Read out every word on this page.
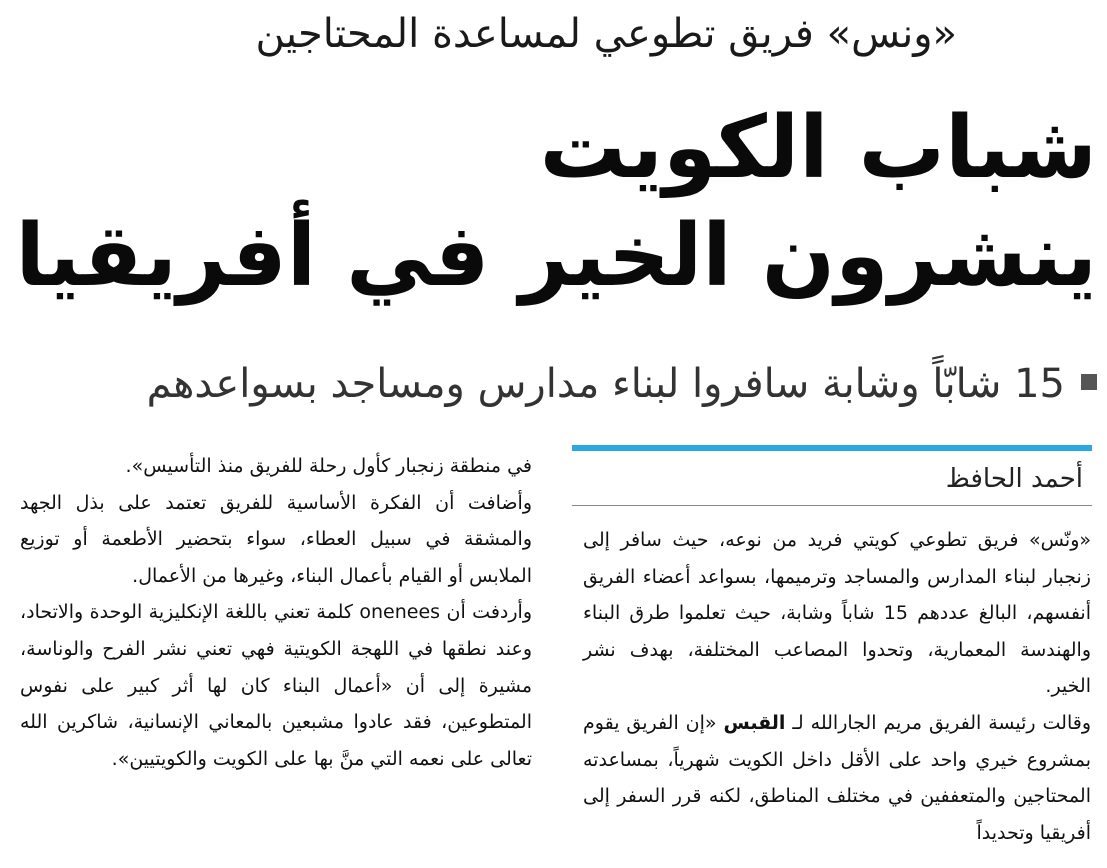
«ونس» فريق تطوعي لمساعدة المحتاجين
شباب الكويت
ينشرون الخير في أفريقيا
15 شابّاً وشابة سافروا لبناء مدارس ومساجد بسواعدهم
أحمد الحافظ

«ونّس» فريق تطوعي كويتي فريد من نوعه، حيث سافر إلى زنجبار لبناء المدارس والمساجد وترميمها، بسواعد أعضاء الفريق أنفسهم، البالغ عددهم 15 شاباً وشابة، حيث تعلموا طرق البناء والهندسة المعمارية، وتحدوا المصاعب المختلفة، بهدف نشر الخير.

وقالت رئيسة الفريق مريم الجارالله لـ القبس «إن الفريق يقوم بمشروع خيري واحد على الأقل داخل الكويت شهرياً، بمساعدته المحتاجين والمتعففين في مختلف المناطق، لكنه قرر السفر إلى أفريقيا وتحديداً

في منطقة زنجبار كأول رحلة للفريق منذ التأسيس».

وأضافت أن الفكرة الأساسية للفريق تعتمد على بذل الجهد والمشقة في سبيل العطاء، سواء بتحضير الأطعمة أو توزيع الملابس أو القيام بأعمال البناء، وغيرها من الأعمال.

وأردفت أن onenees كلمة تعني باللغة الإنكليزية الوحدة والاتحاد، وعند نطقها في اللهجة الكويتية فهي تعني نشر الفرح والوناسة، مشيرة إلى أن «أعمال البناء كان لها أثر كبير على نفوس المتطوعين، فقد عادوا مشبعين بالمعاني الإنسانية، شاكرين الله تعالى على نعمه التي منَّ بها على الكويت والكويتيين».
